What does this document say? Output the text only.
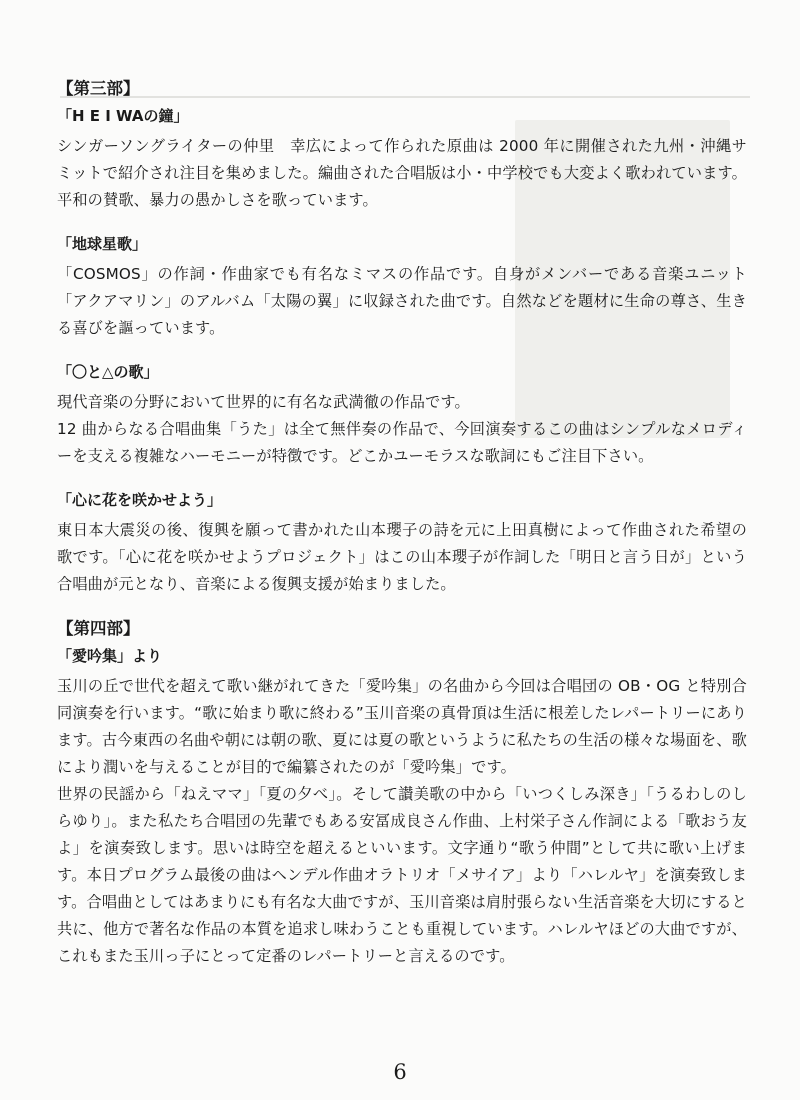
【第三部】
「H E I WAの鐘」

シンガーソングライターの仲里　幸広によって作られた原曲は 2000 年に開催された九州・沖縄サミットで紹介され注目を集めました。編曲された合唱版は小・中学校でも大変よく歌われています。平和の賛歌、暴力の愚かしさを歌っています。

「地球星歌」

「COSMOS」の作詞・作曲家でも有名なミマスの作品です。自身がメンバーである音楽ユニット「アクアマリン」のアルバム「太陽の翼」に収録された曲です。自然などを題材に生命の尊さ、生きる喜びを謳っています。

「〇と△の歌」

現代音楽の分野において世界的に有名な武満徹の作品です。

12 曲からなる合唱曲集「うた」は全て無伴奏の作品で、今回演奏するこの曲はシンプルなメロディーを支える複雑なハーモニーが特徴です。どこかユーモラスな歌詞にもご注目下さい。

「心に花を咲かせよう」

東日本大震災の後、復興を願って書かれた山本瓔子の詩を元に上田真樹によって作曲された希望の歌です。「心に花を咲かせようプロジェクト」はこの山本瓔子が作詞した「明日と言う日が」という合唱曲が元となり、音楽による復興支援が始まりました。

【第四部】
「愛吟集」より

玉川の丘で世代を超えて歌い継がれてきた「愛吟集」の名曲から今回は合唱団の OB・OG と特別合同演奏を行います。“歌に始まり歌に終わる”玉川音楽の真骨頂は生活に根差したレパートリーにあります。古今東西の名曲や朝には朝の歌、夏には夏の歌というように私たちの生活の様々な場面を、歌により潤いを与えることが目的で編纂されたのが「愛吟集」です。

世界の民謡から「ねえママ」「夏の夕べ」。そして讃美歌の中から「いつくしみ深き」「うるわしのしらゆり」。また私たち合唱団の先輩でもある安冨成良さん作曲、上村栄子さん作詞による「歌おう友よ」を演奏致します。思いは時空を超えるといいます。文字通り“歌う仲間”として共に歌い上げます。本日プログラム最後の曲はヘンデル作曲オラトリオ「メサイア」より「ハレルヤ」を演奏致します。合唱曲としてはあまりにも有名な大曲ですが、玉川音楽は肩肘張らない生活音楽を大切にすると共に、他方で著名な作品の本質を追求し味わうことも重視しています。ハレルヤほどの大曲ですが、これもまた玉川っ子にとって定番のレパートリーと言えるのです。

6
